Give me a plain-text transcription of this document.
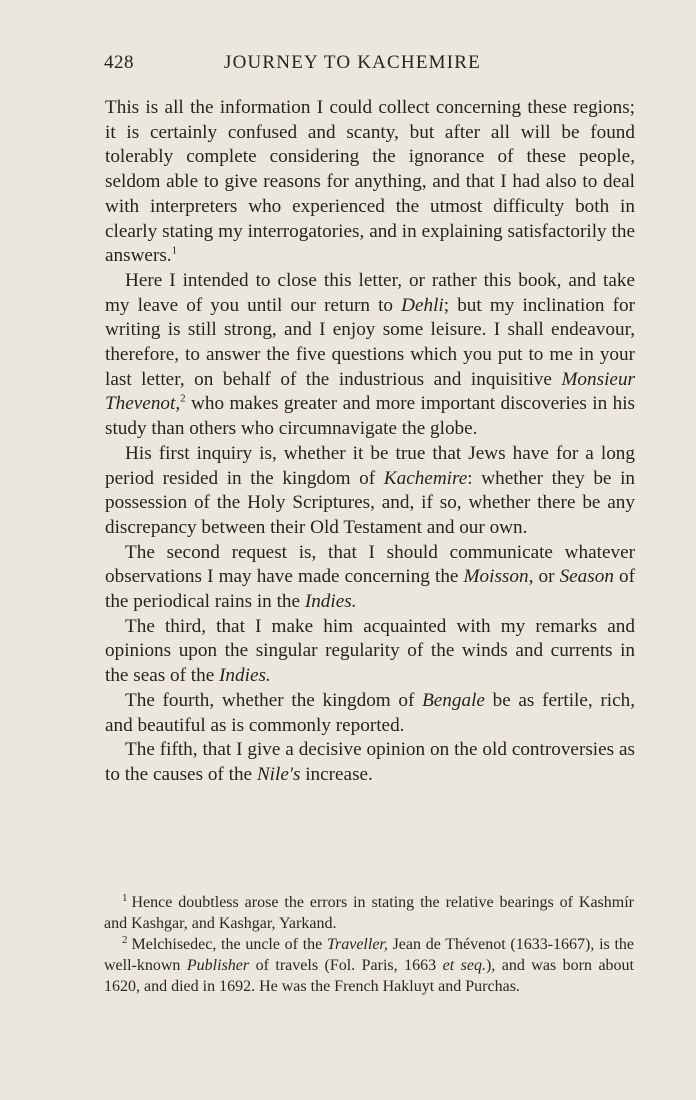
428	JOURNEY TO KACHEMIRE

This is all the information I could collect concerning these regions; it is certainly confused and scanty, but after all will be found tolerably complete considering the ignorance of these people, seldom able to give reasons for anything, and that I had also to deal with interpreters who experienced the utmost difficulty both in clearly stating my interrogatories, and in explaining satisfactorily the answers.$^1$

Here I intended to close this letter, or rather this book, and take my leave of you until our return to Dehli; but my inclination for writing is still strong, and I enjoy some leisure. I shall endeavour, therefore, to answer the five questions which you put to me in your last letter, on behalf of the industrious and inquisitive Monsieur Thevenot,$^2$ who makes greater and more important discoveries in his study than others who circumnavigate the globe.

His first inquiry is, whether it be true that Jews have for a long period resided in the kingdom of Kachemire: whether they be in possession of the Holy Scriptures, and, if so, whether there be any discrepancy between their Old Testament and our own.

The second request is, that I should communicate whatever observations I may have made concerning the Moisson, or Season of the periodical rains in the Indies.

The third, that I make him acquainted with my remarks and opinions upon the singular regularity of the winds and currents in the seas of the Indies.

The fourth, whether the kingdom of Bengale be as fertile, rich, and beautiful as is commonly reported.

The fifth, that I give a decisive opinion on the old controversies as to the causes of the Nile's increase.

$^1$ Hence doubtless arose the errors in stating the relative bearings of Kashmír and Kashgar, and Kashgar, Yarkand.

$^2$ Melchisedec, the uncle of the Traveller, Jean de Thévenot (1633-1667), is the well-known Publisher of travels (Fol. Paris, 1663 et seq.), and was born about 1620, and died in 1692. He was the French Hakluyt and Purchas.
